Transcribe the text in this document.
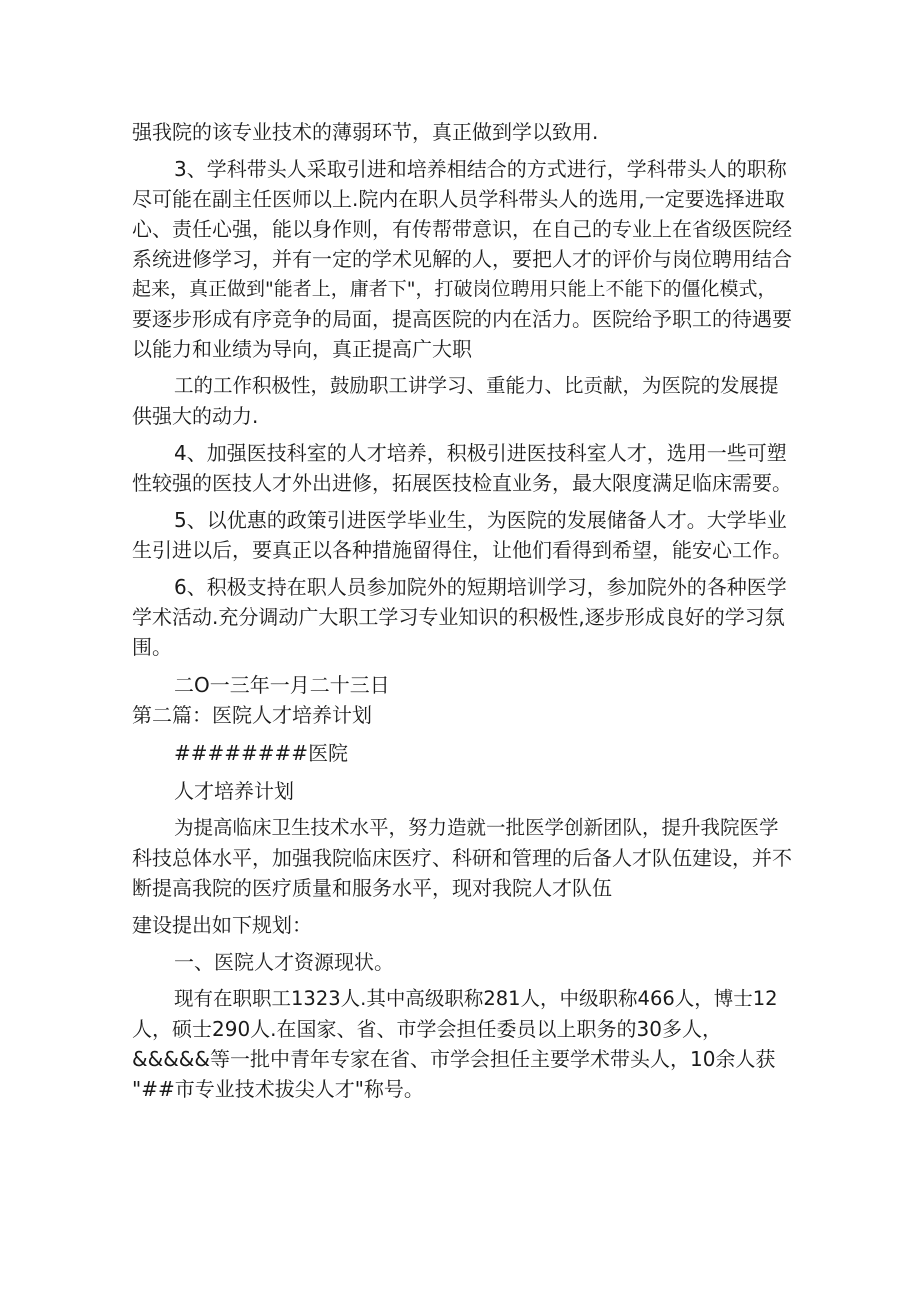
强我院的该专业技术的薄弱环节，真正做到学以致用.
3、学科带头人采取引进和培养相结合的方式进行，学科带头人的职称
尽可能在副主任医师以上.院内在职人员学科带头人的选用,一定要选择进取
心、责任心强，能以身作则，有传帮带意识，在自己的专业上在省级医院经
系统进修学习，并有一定的学术见解的人，要把人才的评价与岗位聘用结合
起来，真正做到"能者上，庸者下"，打破岗位聘用只能上不能下的僵化模式，
要逐步形成有序竞争的局面，提高医院的内在活力。医院给予职工的待遇要
以能力和业绩为导向，真正提高广大职
工的工作积极性，鼓励职工讲学习、重能力、比贡献，为医院的发展提
供强大的动力.
4、加强医技科室的人才培养，积极引进医技科室人才，选用一些可塑
性较强的医技人才外出进修，拓展医技检直业务，最大限度满足临床需要。
5、以优惠的政策引进医学毕业生，为医院的发展储备人才。大学毕业
生引进以后，要真正以各种措施留得住，让他们看得到希望，能安心工作。
6、积极支持在职人员参加院外的短期培训学习，参加院外的各种医学
学术活动.充分调动广大职工学习专业知识的积极性,逐步形成良好的学习氛
围。
二O一三年一月二十三日
第二篇：医院人才培养计划
########医院
人才培养计划
为提高临床卫生技术水平，努力造就一批医学创新团队，提升我院医学
科技总体水平，加强我院临床医疗、科研和管理的后备人才队伍建设，并不
断提高我院的医疗质量和服务水平，现对我院人才队伍
建设提出如下规划：
一、医院人才资源现状。
现有在职职工1323人.其中高级职称281人，中级职称466人，博士12
人，硕士290人.在国家、省、市学会担任委员以上职务的30多人，
&&&&&等一批中青年专家在省、市学会担任主要学术带头人，10余人获
"##市专业技术拔尖人才"称号。
